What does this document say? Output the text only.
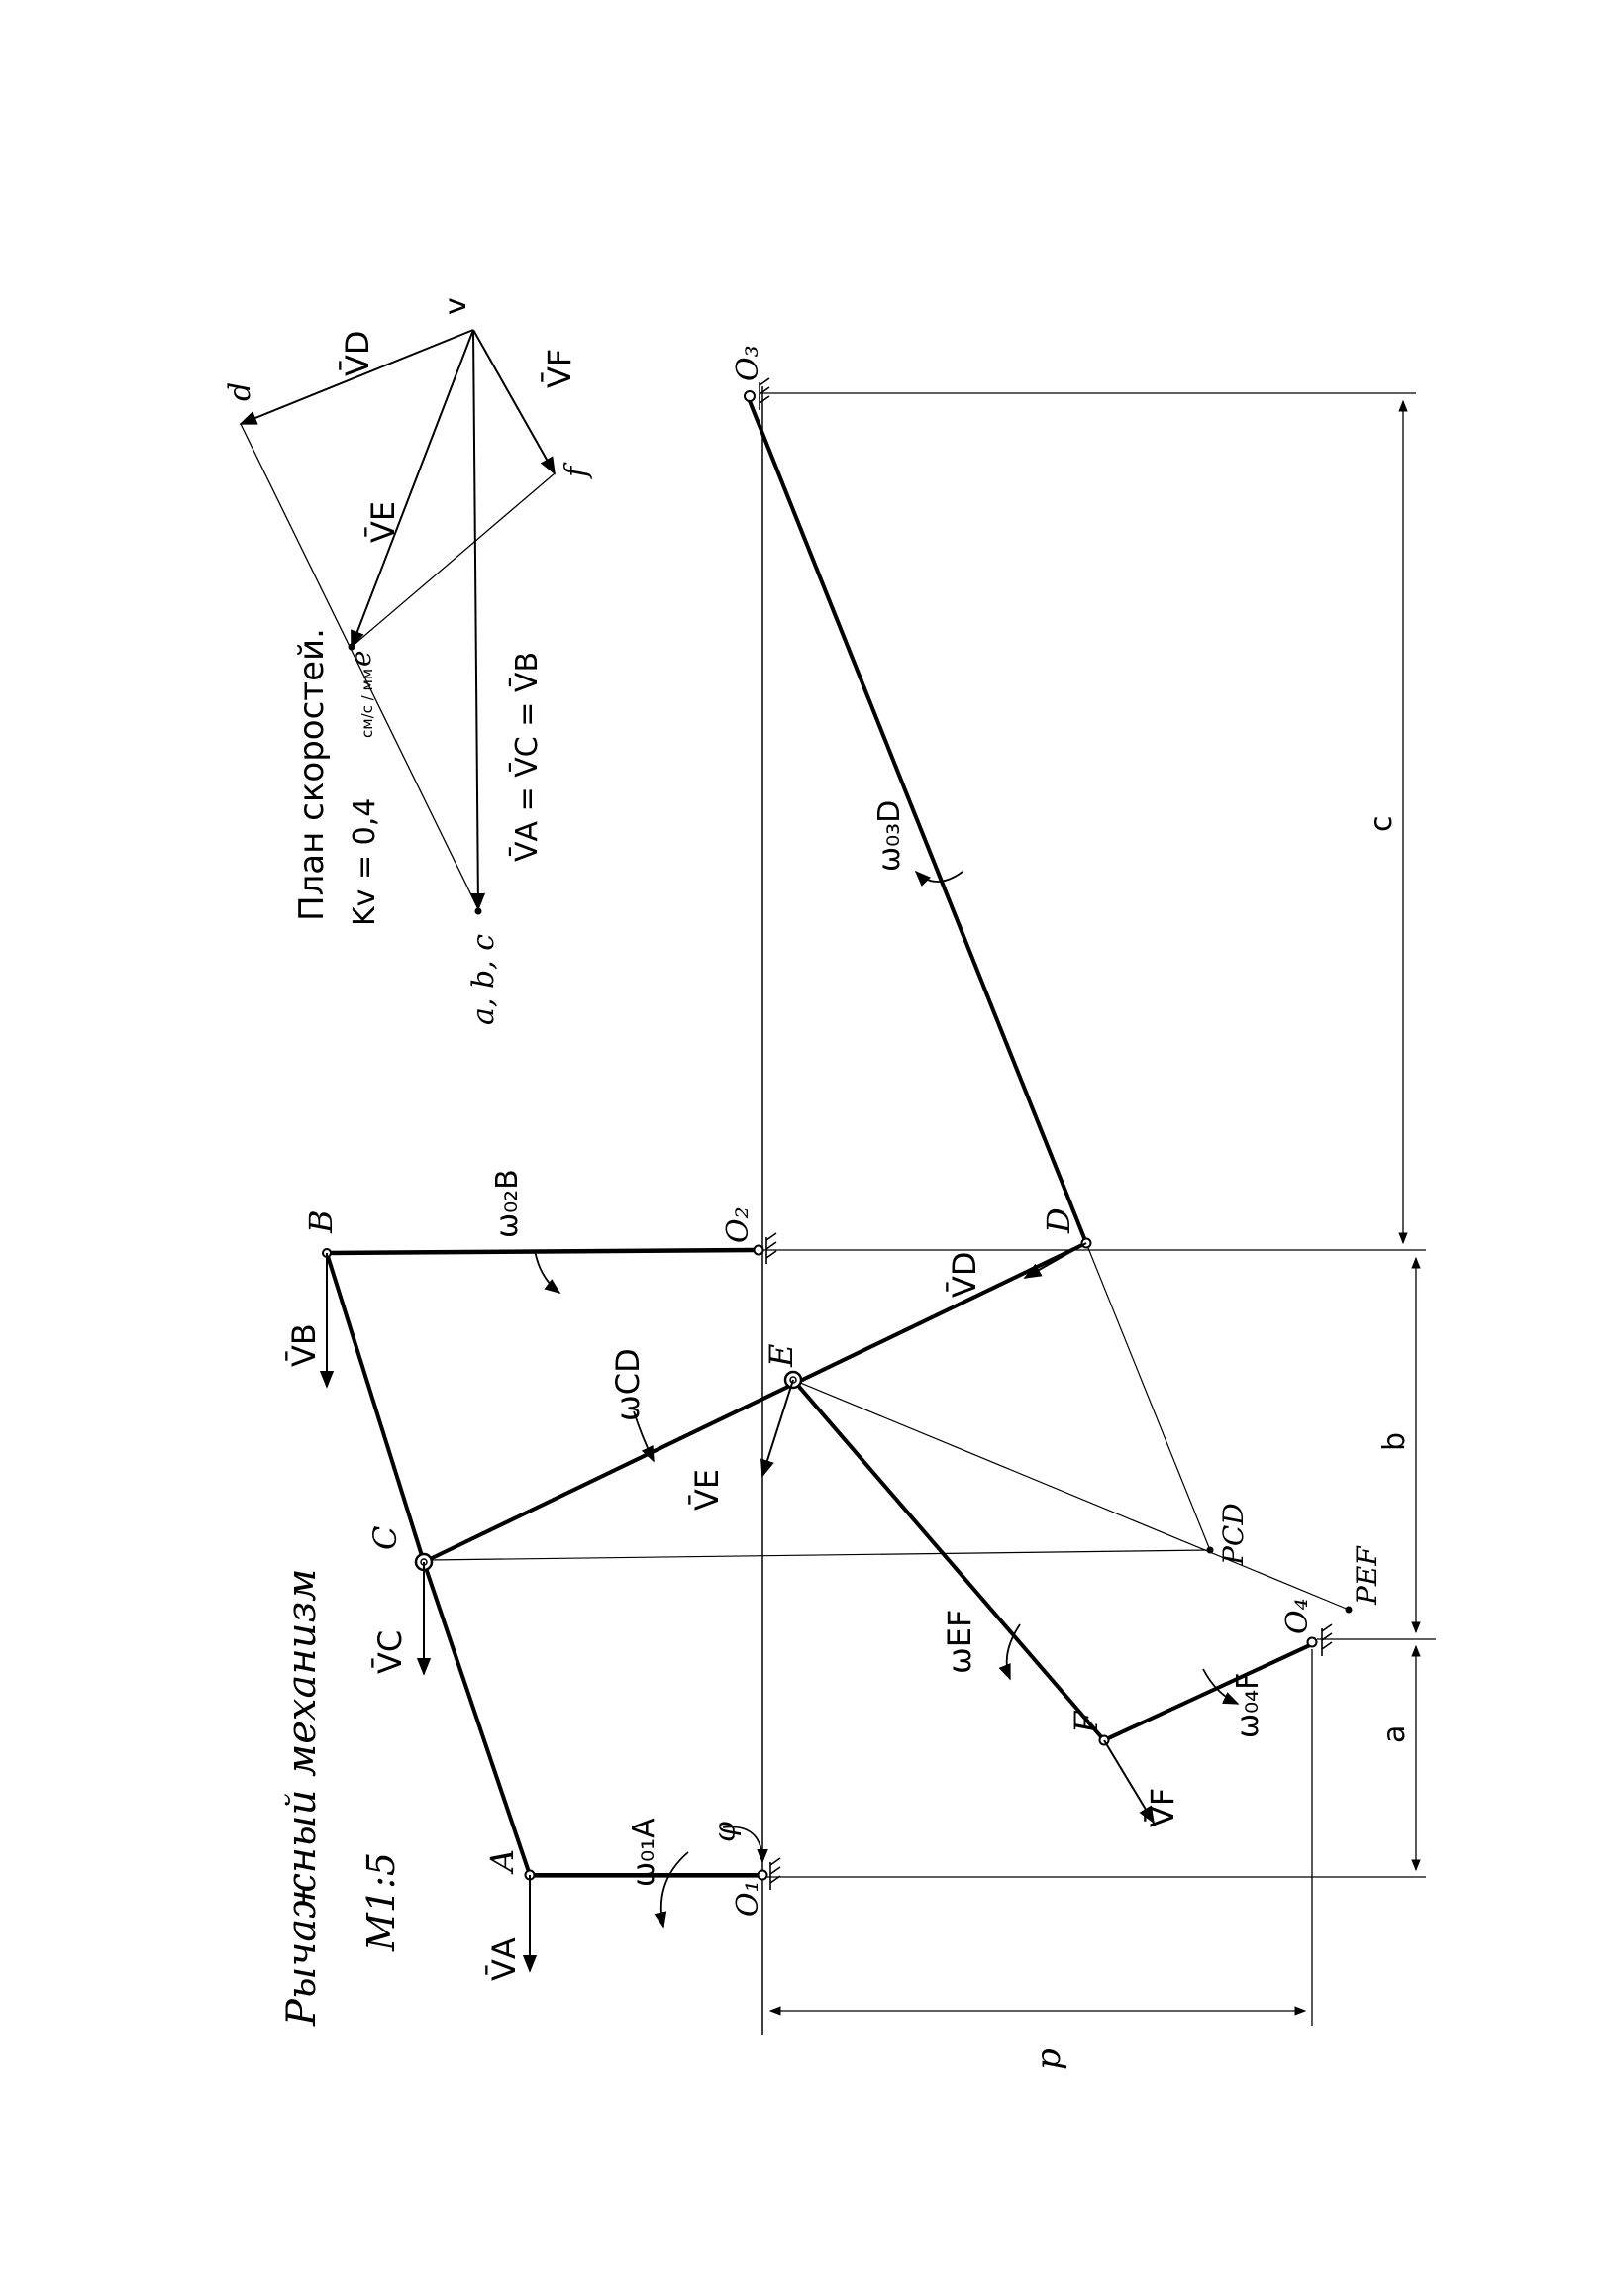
Рычажный механизм М1:5
План скоростей. Kv = 0,4
см/с / мм	V̄A = V̄C = V̄B
v
a, b, c
d
e
f
V̄D
V̄E
V̄F
A
B
C
D
E
F
O₁
O₂
O₃
O₄
PCD
PEF
V̄A
V̄B
V̄C
V̄D
V̄E
V̄F
ω₀₁A
ω₀₂B
ω₀₃D
ω₀₄F
ωCD
ωEF
φ
a
b
c
p
